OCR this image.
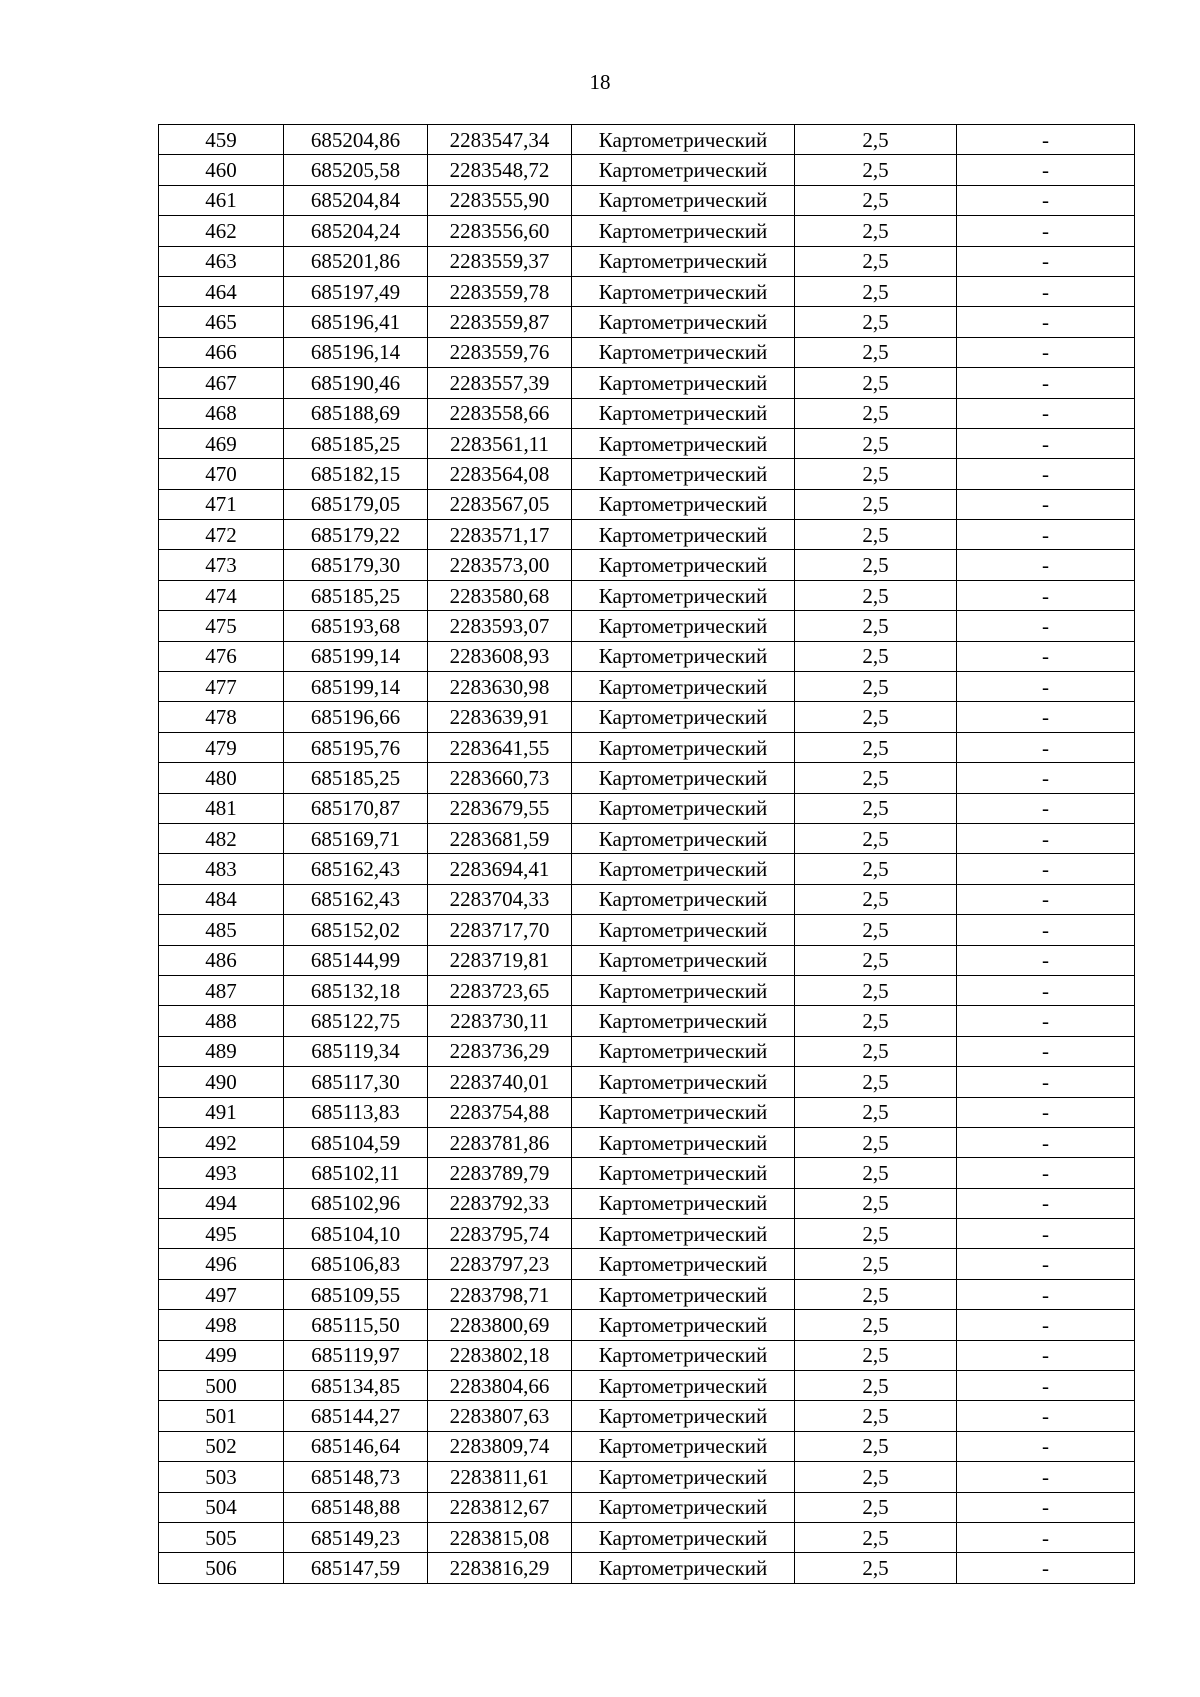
18
459	685204,86	2283547,34	Картометрический	2,5	-
460	685205,58	2283548,72	Картометрический	2,5	-
461	685204,84	2283555,90	Картометрический	2,5	-
462	685204,24	2283556,60	Картометрический	2,5	-
463	685201,86	2283559,37	Картометрический	2,5	-
464	685197,49	2283559,78	Картометрический	2,5	-
465	685196,41	2283559,87	Картометрический	2,5	-
466	685196,14	2283559,76	Картометрический	2,5	-
467	685190,46	2283557,39	Картометрический	2,5	-
468	685188,69	2283558,66	Картометрический	2,5	-
469	685185,25	2283561,11	Картометрический	2,5	-
470	685182,15	2283564,08	Картометрический	2,5	-
471	685179,05	2283567,05	Картометрический	2,5	-
472	685179,22	2283571,17	Картометрический	2,5	-
473	685179,30	2283573,00	Картометрический	2,5	-
474	685185,25	2283580,68	Картометрический	2,5	-
475	685193,68	2283593,07	Картометрический	2,5	-
476	685199,14	2283608,93	Картометрический	2,5	-
477	685199,14	2283630,98	Картометрический	2,5	-
478	685196,66	2283639,91	Картометрический	2,5	-
479	685195,76	2283641,55	Картометрический	2,5	-
480	685185,25	2283660,73	Картометрический	2,5	-
481	685170,87	2283679,55	Картометрический	2,5	-
482	685169,71	2283681,59	Картометрический	2,5	-
483	685162,43	2283694,41	Картометрический	2,5	-
484	685162,43	2283704,33	Картометрический	2,5	-
485	685152,02	2283717,70	Картометрический	2,5	-
486	685144,99	2283719,81	Картометрический	2,5	-
487	685132,18	2283723,65	Картометрический	2,5	-
488	685122,75	2283730,11	Картометрический	2,5	-
489	685119,34	2283736,29	Картометрический	2,5	-
490	685117,30	2283740,01	Картометрический	2,5	-
491	685113,83	2283754,88	Картометрический	2,5	-
492	685104,59	2283781,86	Картометрический	2,5	-
493	685102,11	2283789,79	Картометрический	2,5	-
494	685102,96	2283792,33	Картометрический	2,5	-
495	685104,10	2283795,74	Картометрический	2,5	-
496	685106,83	2283797,23	Картометрический	2,5	-
497	685109,55	2283798,71	Картометрический	2,5	-
498	685115,50	2283800,69	Картометрический	2,5	-
499	685119,97	2283802,18	Картометрический	2,5	-
500	685134,85	2283804,66	Картометрический	2,5	-
501	685144,27	2283807,63	Картометрический	2,5	-
502	685146,64	2283809,74	Картометрический	2,5	-
503	685148,73	2283811,61	Картометрический	2,5	-
504	685148,88	2283812,67	Картометрический	2,5	-
505	685149,23	2283815,08	Картометрический	2,5	-
506	685147,59	2283816,29	Картометрический	2,5	-
